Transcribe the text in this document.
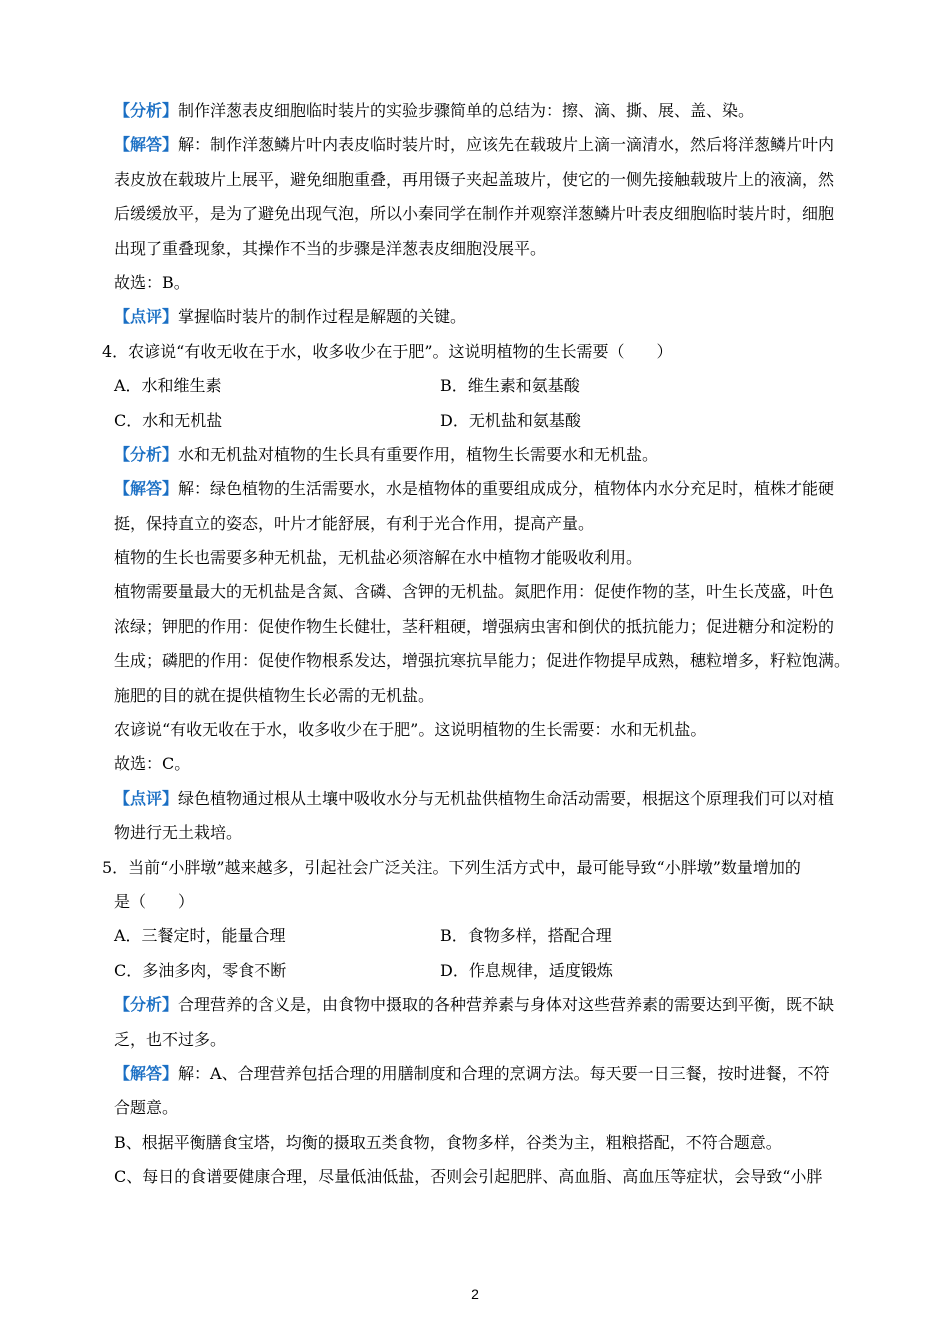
【分析】制作洋葱表皮细胞临时装片的实验步骤简单的总结为：擦、滴、撕、展、盖、染。
【解答】解：制作洋葱鳞片叶内表皮临时装片时，应该先在载玻片上滴一滴清水，然后将洋葱鳞片叶内
表皮放在载玻片上展平，避免细胞重叠，再用镊子夹起盖玻片，使它的一侧先接触载玻片上的液滴，然
后缓缓放平，是为了避免出现气泡，所以小秦同学在制作并观察洋葱鳞片叶表皮细胞临时装片时，细胞
出现了重叠现象，其操作不当的步骤是洋葱表皮细胞没展平。
故选：B。
【点评】掌握临时装片的制作过程是解题的关键。
4．农谚说“有收无收在于水，收多收少在于肥”。这说明植物的生长需要（　　）
A．水和维生素	B．维生素和氨基酸
C．水和无机盐	D．无机盐和氨基酸
【分析】水和无机盐对植物的生长具有重要作用，植物生长需要水和无机盐。
【解答】解：绿色植物的生活需要水，水是植物体的重要组成成分，植物体内水分充足时，植株才能硬
挺，保持直立的姿态，叶片才能舒展，有利于光合作用，提高产量。
植物的生长也需要多种无机盐，无机盐必须溶解在水中植物才能吸收利用。
植物需要量最大的无机盐是含氮、含磷、含钾的无机盐。氮肥作用：促使作物的茎，叶生长茂盛，叶色
浓绿；钾肥的作用：促使作物生长健壮，茎秆粗硬，增强病虫害和倒伏的抵抗能力；促进糖分和淀粉的
生成；磷肥的作用：促使作物根系发达，增强抗寒抗旱能力；促进作物提早成熟，穗粒增多，籽粒饱满。
施肥的目的就在提供植物生长必需的无机盐。
农谚说“有收无收在于水，收多收少在于肥”。这说明植物的生长需要：水和无机盐。
故选：C。
【点评】绿色植物通过根从土壤中吸收水分与无机盐供植物生命活动需要，根据这个原理我们可以对植
物进行无土栽培。
5．当前“小胖墩”越来越多，引起社会广泛关注。下列生活方式中，最可能导致“小胖墩”数量增加的
是（　　）
A．三餐定时，能量合理	B．食物多样，搭配合理
C．多油多肉，零食不断	D．作息规律，适度锻炼
【分析】合理营养的含义是，由食物中摄取的各种营养素与身体对这些营养素的需要达到平衡，既不缺
乏，也不过多。
【解答】解：A、合理营养包括合理的用膳制度和合理的烹调方法。每天要一日三餐，按时进餐，不符
合题意。
B、根据平衡膳食宝塔，均衡的摄取五类食物，食物多样，谷类为主，粗粮搭配，不符合题意。
C、每日的食谱要健康合理，尽量低油低盐，否则会引起肥胖、高血脂、高血压等症状，会导致“小胖
2
